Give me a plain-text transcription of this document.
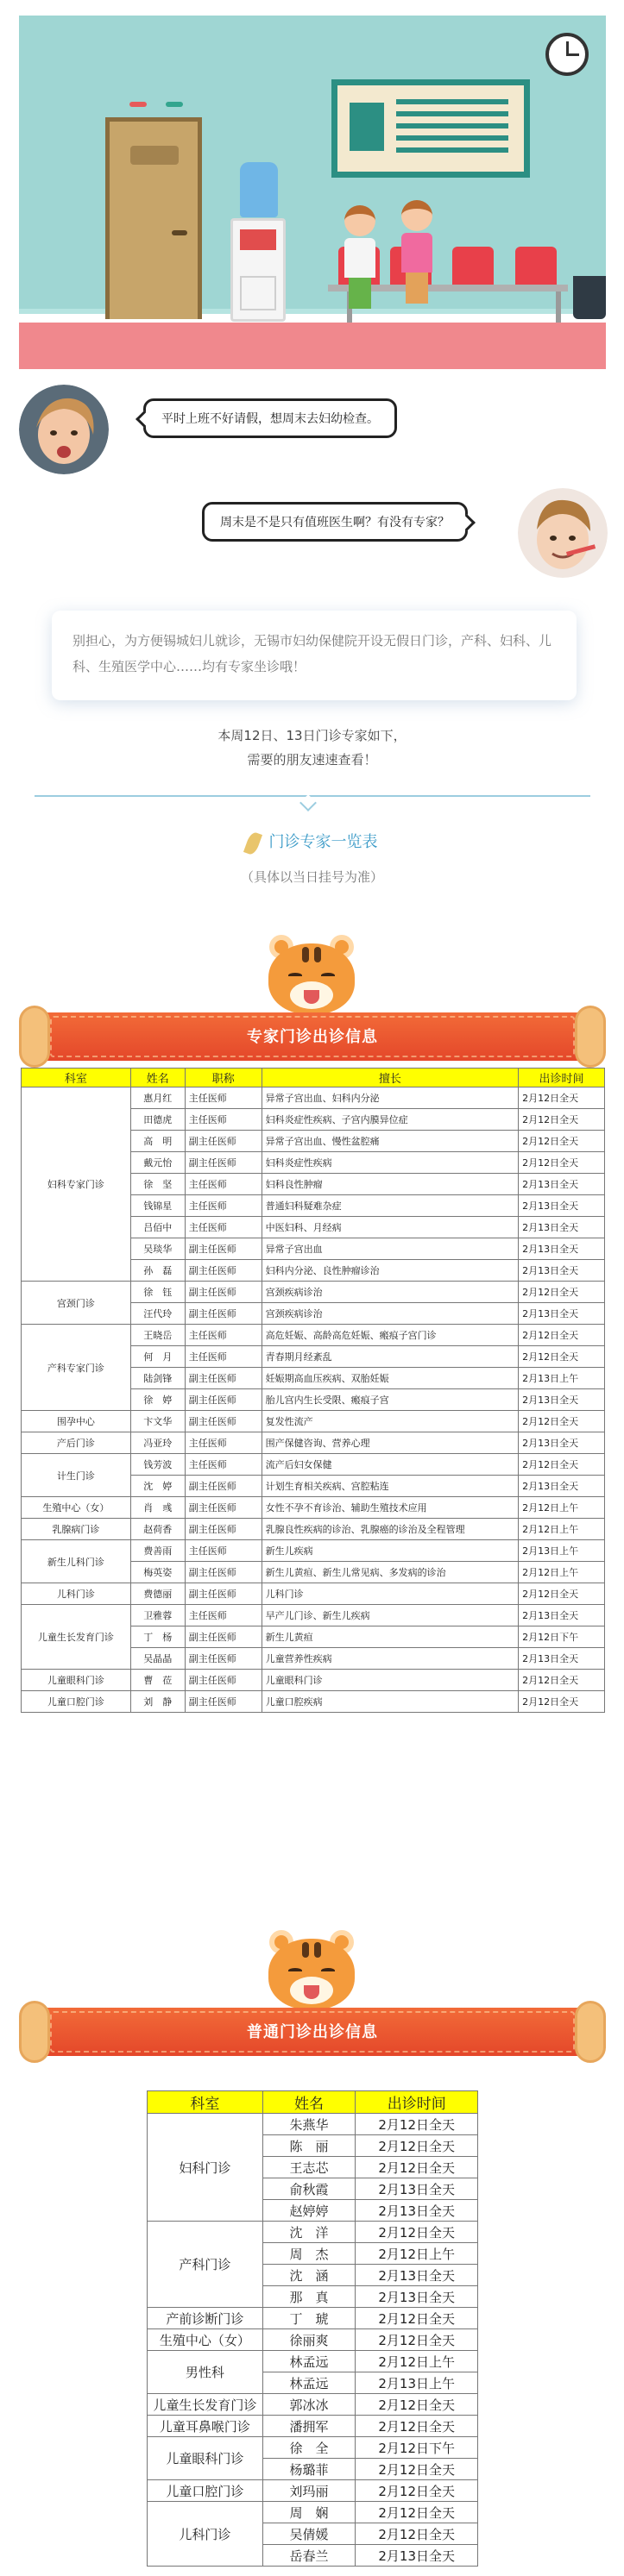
平时上班不好请假，想周末去妇幼检查。
周末是不是只有值班医生啊？有没有专家？
别担心，为方便锡城妇儿就诊，无锡市妇幼保健院开设无假日门诊，产科、妇科、儿科、生殖医学中心……均有专家坐诊哦！
本周12日、13日门诊专家如下，
需要的朋友速速查看！
门诊专家一览表
（具体以当日挂号为准）
专家门诊出诊信息
科室	姓名	职称	擅长	出诊时间
妇科专家门诊	惠月红	主任医师	异常子宫出血、妇科内分泌	2月12日全天
	田德虎	主任医师	妇科炎症性疾病、子宫内膜异位症	2月12日全天
	高　明	副主任医师	异常子宫出血、慢性盆腔痛	2月12日全天
	戴元怡	副主任医师	妇科炎症性疾病	2月12日全天
	徐　坚	主任医师	妇科良性肿瘤	2月13日全天
	钱锦星	主任医师	普通妇科疑难杂症	2月13日全天
	吕佰中	主任医师	中医妇科、月经病	2月13日全天
	吴琰华	副主任医师	异常子宫出血	2月13日全天
	孙　磊	副主任医师	妇科内分泌、良性肿瘤诊治	2月13日全天
宫颈门诊	徐　钰	副主任医师	宫颈疾病诊治	2月12日全天
	汪代玲	副主任医师	宫颈疾病诊治	2月13日全天
产科专家门诊	王晓岳	主任医师	高危妊娠、高龄高危妊娠、瘢痕子宫门诊	2月12日全天
	何　月	主任医师	青春期月经紊乱	2月12日全天
	陆剑锋	副主任医师	妊娠期高血压疾病、双胎妊娠	2月13日上午
	徐　婷	副主任医师	胎儿宫内生长受限、瘢痕子宫	2月13日全天
围孕中心	卞文华	副主任医师	复发性流产	2月12日全天
产后门诊	冯亚玲	主任医师	围产保健咨询、营养心理	2月13日全天
计生门诊	钱芳波	主任医师	流产后妇女保健	2月12日全天
	沈　婷	副主任医师	计划生育相关疾病、宫腔粘连	2月13日全天
生殖中心（女）	肖　彧	副主任医师	女性不孕不育诊治、辅助生殖技术应用	2月12日上午
乳腺病门诊	赵荷香	副主任医师	乳腺良性疾病的诊治、乳腺癌的诊治及全程管理	2月12日上午
新生儿科门诊	费善雨	主任医师	新生儿疾病	2月13日上午
	梅英姿	副主任医师	新生儿黄疸、新生儿常见病、多发病的诊治	2月12日上午
儿科门诊	费德丽	副主任医师	儿科门诊	2月12日全天
儿童生长发育门诊	卫雅蓉	主任医师	早产儿门诊、新生儿疾病	2月13日全天
	丁　杨	副主任医师	新生儿黄疸	2月12日下午
	吴晶晶	副主任医师	儿童营养性疾病	2月13日全天
儿童眼科门诊	曹　莅	副主任医师	儿童眼科门诊	2月12日全天
儿童口腔门诊	刘　静	副主任医师	儿童口腔疾病	2月12日全天
普通门诊出诊信息
科室	姓名	出诊时间
妇科门诊	朱燕华	2月12日全天
	陈　丽	2月12日全天
	王志芯	2月12日全天
	俞秋霞	2月13日全天
	赵婷婷	2月13日全天
产科门诊	沈　洋	2月12日全天
	周　杰	2月12日上午
	沈　涵	2月13日全天
	那　真	2月13日全天
产前诊断门诊	丁　琥	2月12日全天
生殖中心（女）	徐丽爽	2月12日全天
男性科	林孟远	2月12日上午
	林孟远	2月13日上午
儿童生长发育门诊	郭冰冰	2月12日全天
儿童耳鼻喉门诊	潘拥军	2月12日全天
儿童眼科门诊	徐　全	2月12日下午
	杨璐菲	2月12日全天
儿童口腔门诊	刘玛丽	2月12日全天
儿科门诊	周　娴	2月12日全天
	吴倩媛	2月12日全天
	岳春兰	2月13日全天
